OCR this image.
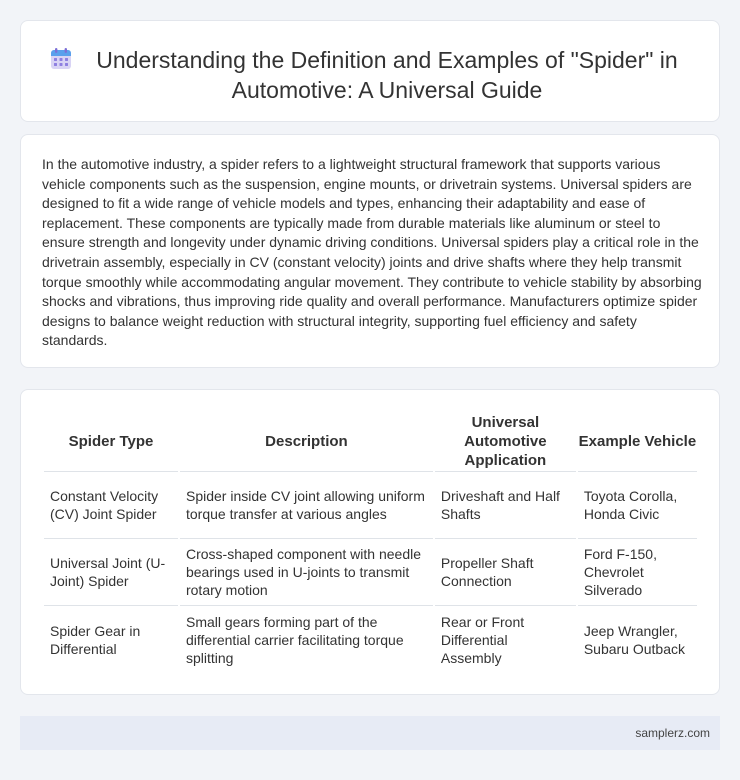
Understanding the Definition and Examples of "Spider" in Automotive: A Universal Guide

In the automotive industry, a spider refers to a lightweight structural framework that supports various vehicle components such as the suspension, engine mounts, or drivetrain systems. Universal spiders are designed to fit a wide range of vehicle models and types, enhancing their adaptability and ease of replacement. These components are typically made from durable materials like aluminum or steel to ensure strength and longevity under dynamic driving conditions. Universal spiders play a critical role in the drivetrain assembly, especially in CV (constant velocity) joints and drive shafts where they help transmit torque smoothly while accommodating angular movement. They contribute to vehicle stability by absorbing shocks and vibrations, thus improving ride quality and overall performance. Manufacturers optimize spider designs to balance weight reduction with structural integrity, supporting fuel efficiency and safety standards.

Spider Type	Description	Universal Automotive Application	Example Vehicle
Constant Velocity (CV) Joint Spider	Spider inside CV joint allowing uniform torque transfer at various angles	Driveshaft and Half Shafts	Toyota Corolla, Honda Civic
Universal Joint (U-Joint) Spider	Cross-shaped component with needle bearings used in U-joints to transmit rotary motion	Propeller Shaft Connection	Ford F-150, Chevrolet Silverado
Spider Gear in Differential	Small gears forming part of the differential carrier facilitating torque splitting	Rear or Front Differential Assembly	Jeep Wrangler, Subaru Outback
samplerz.com
